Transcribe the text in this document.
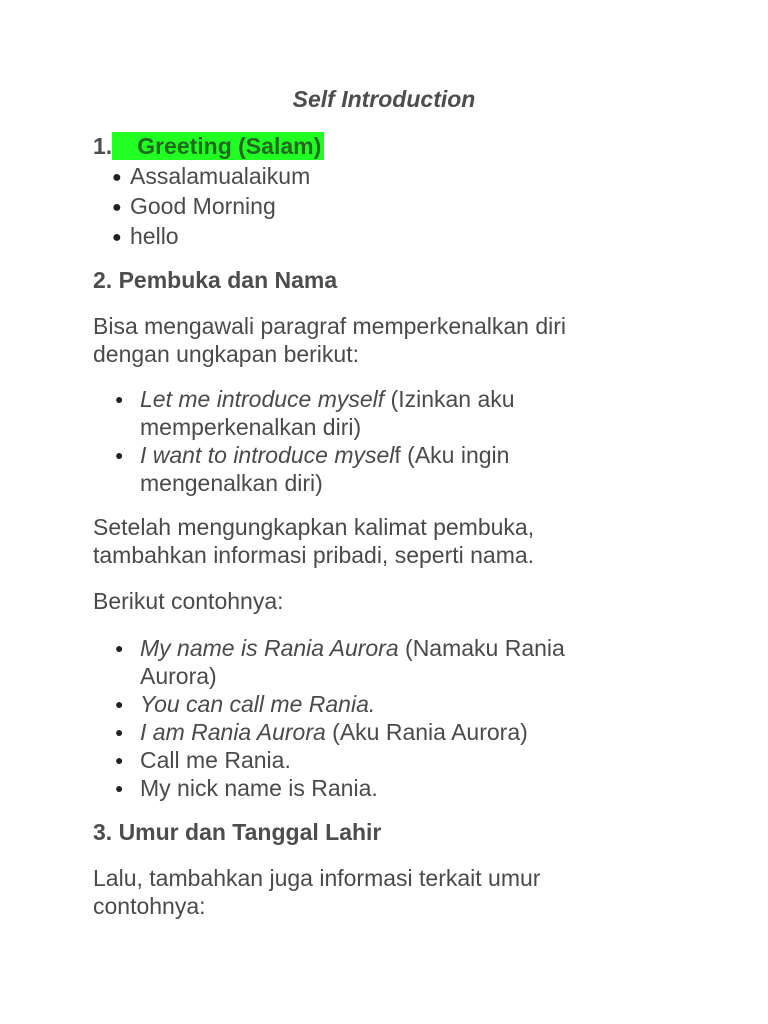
Self Introduction
1. Greeting (Salam)
● Assalamualaikum
● Good Morning
● hello
2. Pembuka dan Nama
Bisa mengawali paragraf memperkenalkan diri
dengan ungkapan berikut:
● Let me introduce myself (Izinkan aku
memperkenalkan diri)
● I want to introduce myself (Aku ingin
mengenalkan diri)
Setelah mengungkapkan kalimat pembuka,
tambahkan informasi pribadi, seperti nama.
Berikut contohnya:
● My name is Rania Aurora (Namaku Rania
Aurora)
● You can call me Rania.
● I am Rania Aurora (Aku Rania Aurora)
● Call me Rania.
● My nick name is Rania.
3. Umur dan Tanggal Lahir
Lalu, tambahkan juga informasi terkait umur
contohnya:
